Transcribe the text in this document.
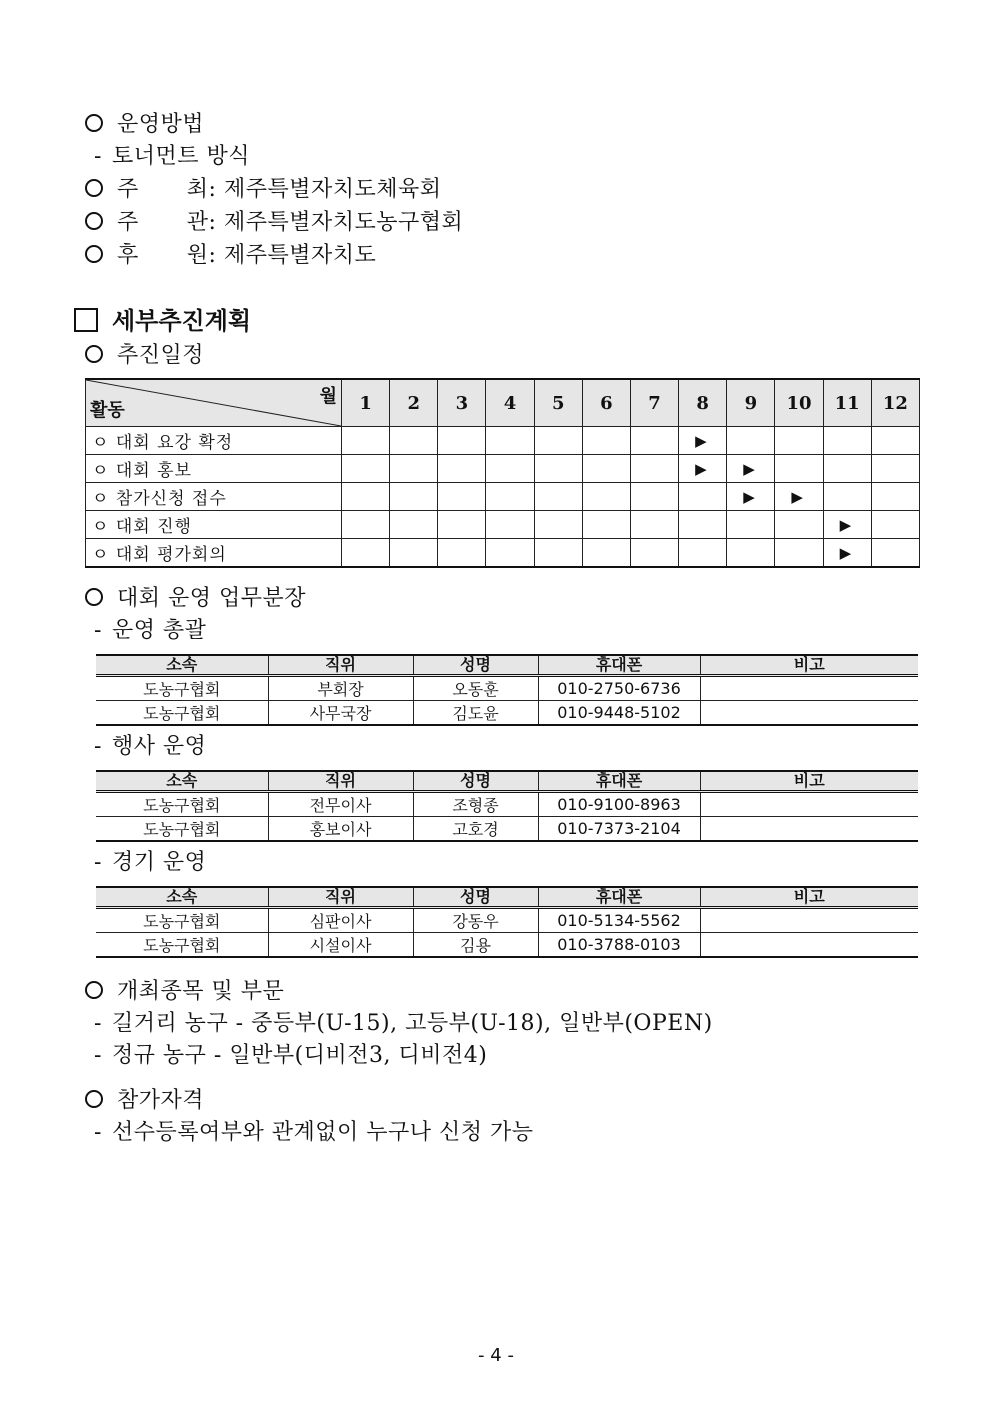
운영방법
- 토너먼트 방식
주 최: 제주특별자치도체육회
주 관: 제주특별자치도농구협회
후 원: 제주특별자치도
세부추진계획
추진일정
월
활동	1	2	3	4	5	6	7	8	9	10	11	12
ㅇ 대회 요강 확정								▶				
ㅇ 대회 홍보								▶	▶			
ㅇ 참가신청 접수									▶	▶		
ㅇ 대회 진행											▶	
ㅇ 대회 평가회의											▶	
대회 운영 업무분장
- 운영 총괄
소속	직위	성명	휴대폰	비고
도농구협회	부회장	오동훈	010-2750-6736	
도농구협회	사무국장	김도윤	010-9448-5102	
- 행사 운영
소속	직위	성명	휴대폰	비고
도농구협회	전무이사	조형종	010-9100-8963	
도농구협회	홍보이사	고호경	010-7373-2104	
- 경기 운영
소속	직위	성명	휴대폰	비고
도농구협회	심판이사	강동우	010-5134-5562	
도농구협회	시설이사	김용	010-3788-0103	
개최종목 및 부문
- 길거리 농구 - 중등부(U-15), 고등부(U-18), 일반부(OPEN)
- 정규 농구 - 일반부(디비전3, 디비전4)
참가자격
- 선수등록여부와 관계없이 누구나 신청 가능
- 4 -
